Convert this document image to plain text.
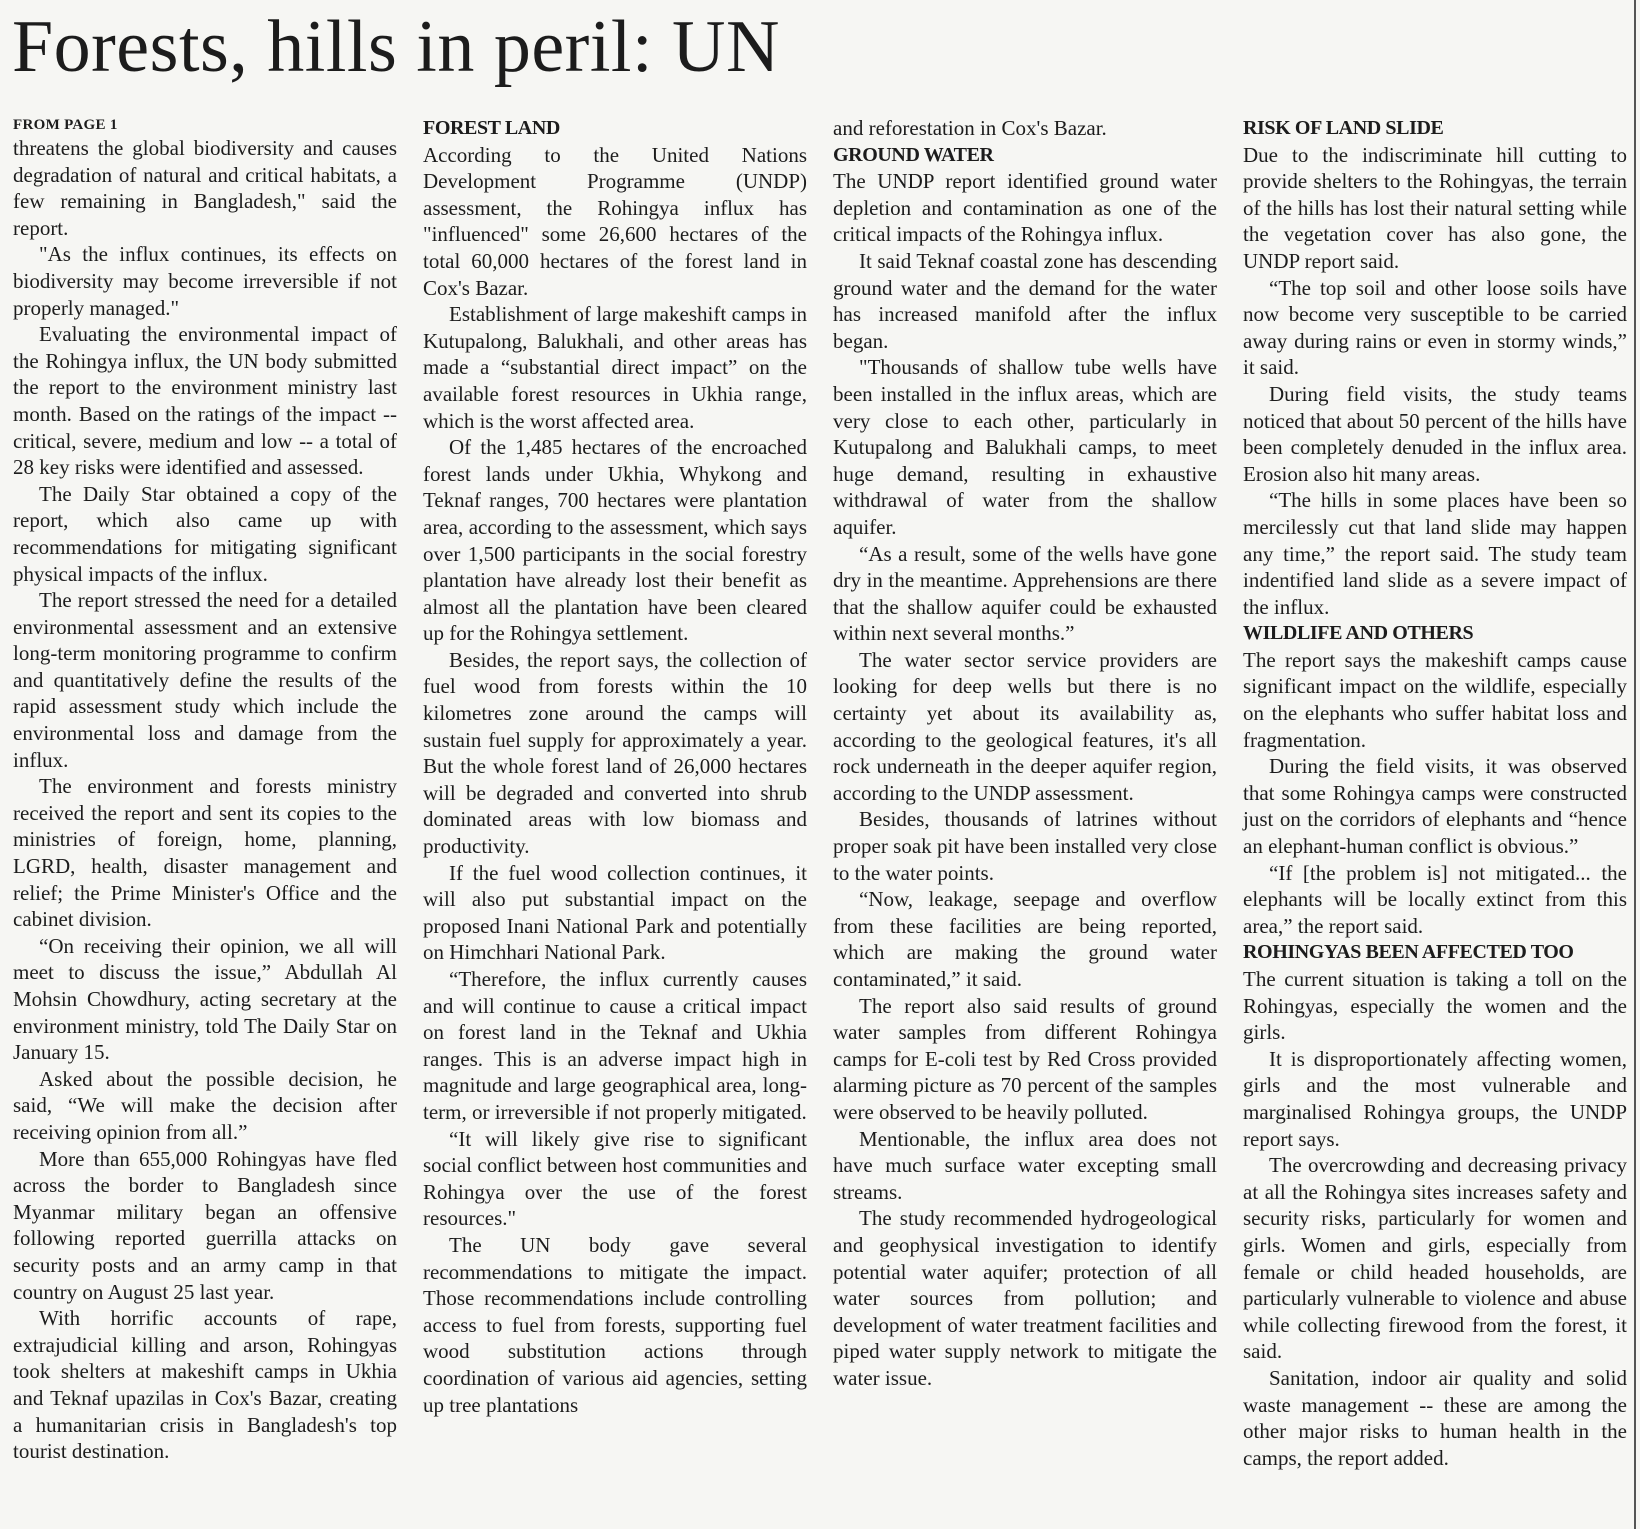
Forests, hills in peril: UN
FROM PAGE 1

threatens the global biodiversity and causes degradation of natural and critical habitats, a few remaining in Bangladesh," said the report.

"As the influx continues, its effects on biodiversity may become irreversible if not properly managed."

Evaluating the environmental impact of the Rohingya influx, the UN body submitted the report to the environment ministry last month. Based on the ratings of the impact -- critical, severe, medium and low -- a total of 28 key risks were identified and assessed.

The Daily Star obtained a copy of the report, which also came up with recommendations for mitigating significant physical impacts of the influx.

The report stressed the need for a detailed environmental assessment and an extensive long-term monitoring programme to confirm and quantitatively define the results of the rapid assessment study which include the environmental loss and damage from the influx.

The environment and forests ministry received the report and sent its copies to the ministries of foreign, home, planning, LGRD, health, disaster management and relief; the Prime Minister's Office and the cabinet division.

“On receiving their opinion, we all will meet to discuss the issue,” Abdullah Al Mohsin Chowdhury, acting secretary at the environment ministry, told The Daily Star on January 15.

Asked about the possible decision, he said, “We will make the decision after receiving opinion from all.”

More than 655,000 Rohingyas have fled across the border to Bangladesh since Myanmar military began an offensive following reported guerrilla attacks on security posts and an army camp in that country on August 25 last year.

With horrific accounts of rape, extrajudicial killing and arson, Rohingyas took shelters at makeshift camps in Ukhia and Teknaf upazilas in Cox's Bazar, creating a humanitarian crisis in Bangladesh's top tourist destination.

FOREST LAND

According to the United Nations Development Programme (UNDP) assessment, the Rohingya influx has "influenced" some 26,600 hectares of the total 60,000 hectares of the forest land in Cox's Bazar.

Establishment of large makeshift camps in Kutupalong, Balukhali, and other areas has made a “substantial direct impact” on the available forest resources in Ukhia range, which is the worst affected area.

Of the 1,485 hectares of the encroached forest lands under Ukhia, Whykong and Teknaf ranges, 700 hectares were plantation area, according to the assessment, which says over 1,500 participants in the social forestry plantation have already lost their benefit as almost all the plantation have been cleared up for the Rohingya settlement.

Besides, the report says, the collection of fuel wood from forests within the 10 kilometres zone around the camps will sustain fuel supply for approximately a year. But the whole forest land of 26,000 hectares will be degraded and converted into shrub dominated areas with low biomass and productivity.

If the fuel wood collection continues, it will also put substantial impact on the proposed Inani National Park and potentially on Himchhari National Park.

“Therefore, the influx currently causes and will continue to cause a critical impact on forest land in the Teknaf and Ukhia ranges. This is an adverse impact high in magnitude and large geographical area, long-term, or irreversible if not properly mitigated.

“It will likely give rise to significant social conflict between host communities and Rohingya over the use of the forest resources."

The UN body gave several recommendations to mitigate the impact. Those recommendations include controlling access to fuel from forests, supporting fuel wood substitution actions through coordination of various aid agencies, setting up tree plantations

and reforestation in Cox's Bazar.

GROUND WATER

The UNDP report identified ground water depletion and contamination as one of the critical impacts of the Rohingya influx.

It said Teknaf coastal zone has descending ground water and the demand for the water has increased manifold after the influx began.

"Thousands of shallow tube wells have been installed in the influx areas, which are very close to each other, particularly in Kutupalong and Balukhali camps, to meet huge demand, resulting in exhaustive withdrawal of water from the shallow aquifer.

“As a result, some of the wells have gone dry in the meantime. Apprehensions are there that the shallow aquifer could be exhausted within next several months.”

The water sector service providers are looking for deep wells but there is no certainty yet about its availability as, according to the geological features, it's all rock underneath in the deeper aquifer region, according to the UNDP assessment.

Besides, thousands of latrines without proper soak pit have been installed very close to the water points.

“Now, leakage, seepage and overflow from these facilities are being reported, which are making the ground water contaminated,” it said.

The report also said results of ground water samples from different Rohingya camps for E-coli test by Red Cross provided alarming picture as 70 percent of the samples were observed to be heavily polluted.

Mentionable, the influx area does not have much surface water excepting small streams.

The study recommended hydrogeological and geophysical investigation to identify potential water aquifer; protection of all water sources from pollution; and development of water treatment facilities and piped water supply network to mitigate the water issue.

RISK OF LAND SLIDE

Due to the indiscriminate hill cutting to provide shelters to the Rohingyas, the terrain of the hills has lost their natural setting while the vegetation cover has also gone, the UNDP report said.

“The top soil and other loose soils have now become very susceptible to be carried away during rains or even in stormy winds,” it said.

During field visits, the study teams noticed that about 50 percent of the hills have been completely denuded in the influx area. Erosion also hit many areas.

“The hills in some places have been so mercilessly cut that land slide may happen any time,” the report said. The study team indentified land slide as a severe impact of the influx.

WILDLIFE AND OTHERS

The report says the makeshift camps cause significant impact on the wildlife, especially on the elephants who suffer habitat loss and fragmentation.

During the field visits, it was observed that some Rohingya camps were constructed just on the corridors of elephants and “hence an elephant-human conflict is obvious.”

“If [the problem is] not mitigated... the elephants will be locally extinct from this area,” the report said.

ROHINGYAS BEEN AFFECTED TOO

The current situation is taking a toll on the Rohingyas, especially the women and the girls.

It is disproportionately affecting women, girls and the most vulnerable and marginalised Rohingya groups, the UNDP report says.

The overcrowding and decreasing privacy at all the Rohingya sites increases safety and security risks, particularly for women and girls. Women and girls, especially from female or child headed households, are particularly vulnerable to violence and abuse while collecting firewood from the forest, it said.

Sanitation, indoor air quality and solid waste management -- these are among the other major risks to human health in the camps, the report added.
